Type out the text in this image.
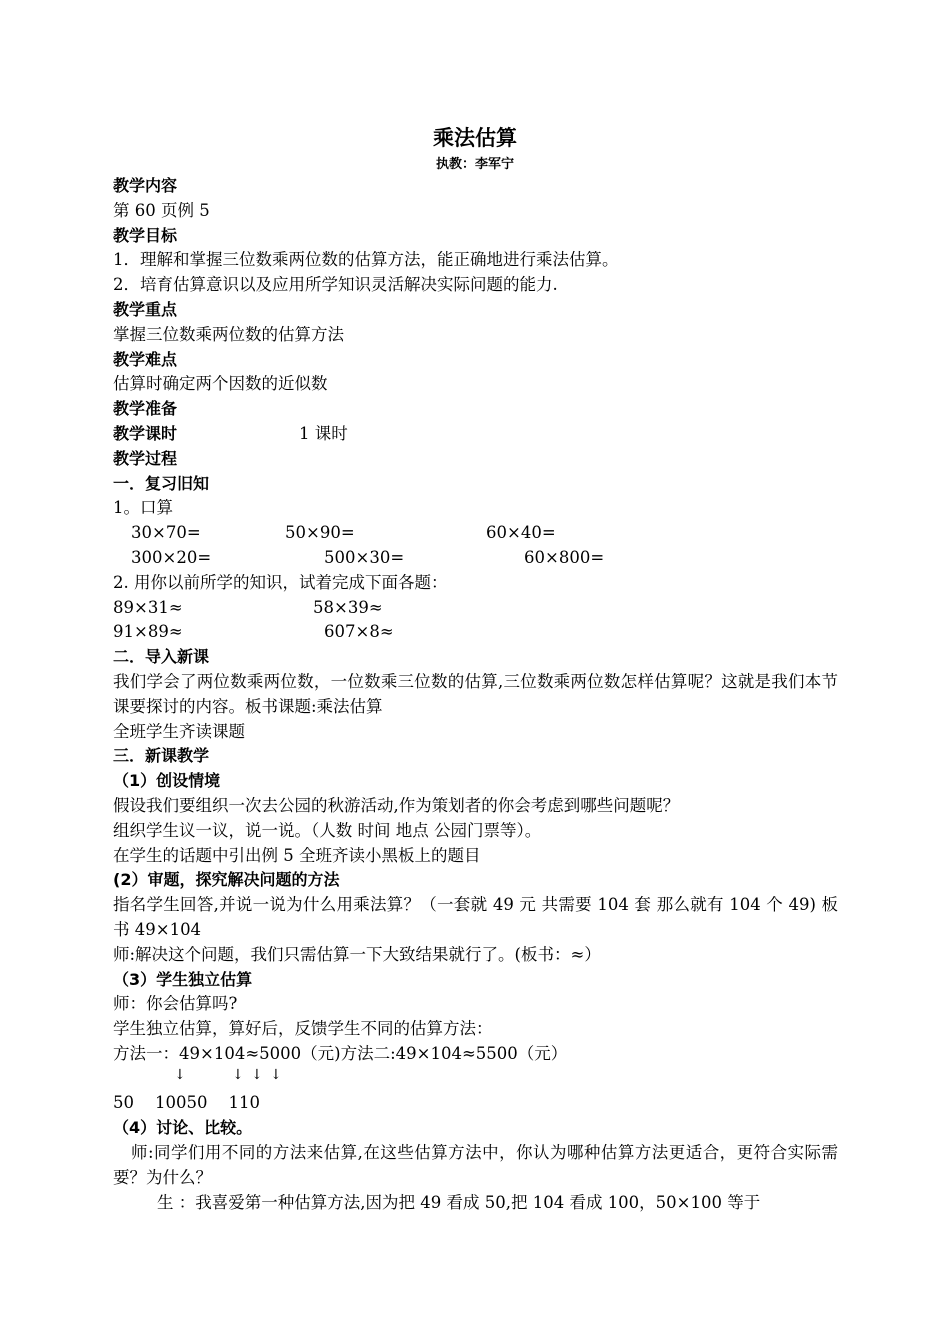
乘法估算
执教：李军宁
教学内容
第 60 页例 5
教学目标
1．理解和掌握三位数乘两位数的估算方法，能正确地进行乘法估算。
2．培育估算意识以及应用所学知识灵活解决实际问题的能力.
教学重点
掌握三位数乘两位数的估算方法
教学难点
估算时确定两个因数的近似数
教学准备
教学课时	1 课时
教学过程
一．复习旧知
1。口算
30×70=	50×90=	60×40=
300×20=	500×30=	60×800=
2. 用你以前所学的知识，试着完成下面各题：
89×31≈	58×39≈
91×89≈	607×8≈
二．导入新课
我们学会了两位数乘两位数，一位数乘三位数的估算,三位数乘两位数怎样估算呢？这就是我们本节课要探讨的内容。板书课题:乘法估算
全班学生齐读课题
三．新课教学
（1）创设情境
假设我们要组织一次去公园的秋游活动,作为策划者的你会考虑到哪些问题呢？
组织学生议一议，说一说。（人数 时间 地点 公园门票等）。
在学生的话题中引出例 5 全班齐读小黑板上的题目
(2）审题，探究解决问题的方法
指名学生回答,并说一说为什么用乘法算？（一套就 49 元 共需要 104 套 那么就有 104 个 49) 板书 49×104
师:解决这个问题，我们只需估算一下大致结果就行了。(板书：≈）
（3）学生独立估算
师：你会估算吗?
学生独立估算，算好后，反馈学生不同的估算方法：
方法一：49×104≈5000（元)方法二:49×104≈5500（元）
↓	↓ ↓ ↓
50    10050    110
（4）讨论、比较。
师:同学们用不同的方法来估算,在这些估算方法中，你认为哪种估算方法更适合，更符合实际需要？为什么？
生 ：我喜爱第一种估算方法,因为把 49 看成 50,把 104 看成 100，50×100 等于
